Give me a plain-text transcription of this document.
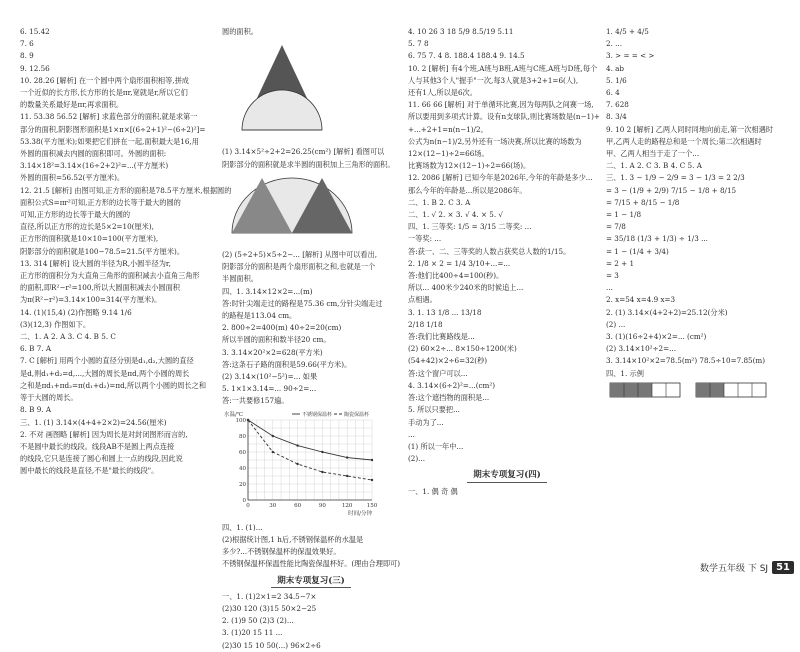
6. 15.42
7. 6
8. 9
9. 12.56
10. 28.26 [解析] 在一个圆中两个扇形面积相等,拼成
一个近似的长方形,长方形的长是πr,宽就是r,所以它们
的数量关系最好是πr,再求面积。
11. 53.38 56.52 [解析] 求蓝色部分的面积,就是求第一
部分的面积,阴影图形面积是1×π×[(6÷2+1)²−(6÷2)²]=
53.38(平方厘米);如果把它们拼在一起,面积最大是16,用
外圆的面积减去内圆的面积即可。外圆的面积:
3.14×18²=3.14×(16÷2+2)²=...(平方厘米)
外圆的面积=56.52(平方厘米)。
12. 21.5 [解析] 由图可知,正方形的面积是78.5平方厘米,根据圆的
面积公式S=πr²可知,正方形的边长等于最大的圆的
可知,正方形的边长等于最大的圆的
直径,所以正方形的边长是5×2=10(厘米),
正方形的面积就是10×10=100(平方厘米),
阴影部分的面积就是100−78.5=21.5(平方厘米)。
13. 314 [解析] 设大圆的半径为R,小圆半径为r,
正方形的面积分为大直角三角形的面积减去小直角三角形
的面积,即R²−r²=100,所以大圆面积减去小圆面积
为π(R²−r²)=3.14×100=314(平方厘米)。
14. (1)(15,4) (2)作图略 9.14 1/6
(3)(12,3) 作图如下。
二、1. A 2. A 3. C 4. B 5. C
6. B 7. A
7. C [解析] 用两个小圆的直径分别是d₁,d₂,大圆的直径
是d,则d₁+d₂=d,...,大圆的周长是πd,两个小圆的周长
之和是πd₁+πd₂=π(d₁+d₂)=πd,所以两个小圆的周长之和
等于大圆的周长。
8. B 9. A
三、1. (1) 3.14×(4+4+2×2)=24.56(厘米)
2. 不对 画图略 [解析] 因为周长是对封闭图形而言的,
不是圆中最长的线段。线段AB不是圆上两点连接
的线段,它只是连接了圆心和圆上一点的线段,因此说
圆中最长的线段是直径,不是"最长的线段"。
圆的面积。
(1) 3.14×5²÷2+2=26.25(cm²) [解析] 看图可以
阴影部分的面积就是求半圆的面积加上三角形的面积。
(2) (5÷2+5)×5÷2−... [解析] 从图中可以看出,
阴影部分的面积是两个扇形面积之和,也就是一个
半圆面积。
四、1. 3.14×12×2=...(m)
答:时针尖端走过的路程是75.36 cm,分针尖端走过
的路程是113.04 cm。
2. 800÷2=400(m) 40÷2=20(cm)
所以半圆的面积和数半径20 cm。
3. 3.14×20²×2=628(平方米)
答:这条石子路的面积是59.66(平方米)。
(2) 3.14×(10²−5²)=... 如果
5. 1×1×3.14=... 90÷2=...
答:一共要修157遍。
0	30	60	90	120	150
0
20
40
60
80
100
水温/℃
时间/分钟
不锈钢保温杯 陶瓷保温杯
四、1. (1)...
(2)根据统计图,1 h后,不锈钢保温杯的水温是
多少?...不锈钢保温杯的保温效果好。
不锈钢保温杯保温性能比陶瓷保温杯好。(理由合理即可)
期末专项复习(三)
一、1. (1)2×1=2 34.5−7×
(2)30 120 (3)15 50×2−25
2. (1)9 50 (2)3 (2)...
3. (1)20 15 11 ...
(2)30 15 10 50(...) 96×2÷6
4. 10 26 3 18 5/9 8.5/19 5.11
5. 7 8
6. 75 7. 4 8. 188.4 188.4 9. 14.5
10. 2 [解析] 有4个班,A班与B班,A班与C班,A班与D班,每个
人与其他3个人"握手"一次,每3人就是3+2+1=6(人),
还有1人,所以是6次。
11. 66 66 [解析] 对于单循环比赛,因为每两队之间赛一场,
所以要用到多项式计算。设有n支球队,则比赛场数是(n−1)+
+...+2+1=n(n−1)/2。
公式为n(n−1)/2,另外还有一场决赛,所以比赛的场数为
12×(12−1)÷2=66场。
比赛场数为12×(12−1)÷2=66(场)。
12. 2086 [解析] 已知今年是2026年,今年的年龄是多少...
那么今年的年龄是...所以是2086年。
二、1. B 2. C 3. A
二、1. √ 2. × 3. √ 4. × 5. √
四、1. 三等奖: 1/5 = 3/15 二等奖: ...
一等奖: ...
答:获一、二、三等奖的人数占获奖总人数的1/15。
2. 1/8 × 2 = 1/4 3/10+...=...
答:他们比400÷4=100(秒)。
所以... 400米少240米的时候追上...
点相遇。
3. 1. 13 1/8 ... 13/18
2/18 1/18
答:我们比赛路线是...
(2) 60×2÷... 8×150÷1200(米)
(54+42)×2÷6=32(秒)
答:这个窗户可以...
4. 3.14×(6÷2)²=...(cm²)
答:这个遮挡物的面积是...
5. 所以只要把...
手动为了...
...
(1) 所以一年中...
(2)...
期末专项复习(四)
一、1. 偶 奇 偶
1. 4/5 + 4/5
2. ...
3. > = = < >
4. ab
5. 1/6
6. 4
7. 628
8. 3/4
9. 10 2 [解析] 乙两人同时同地向前走,第一次相遇时
甲,乙两人走的路程总和是一个周长;第二次相遇时
甲、乙两人相当于走了一个...
二、1. A 2. C 3. B 4. C 5. A
三、1. 3 − 1/9 − 2/9 = 3 − 1/3 = 2 2/3
= 3 − (1/9 + 2/9) 7/15 − 1/8 + 8/15
= 7/15 + 8/15 − 1/8
= 1 − 1/8
= 7/8
= 35/18 (1/3 + 1/3) ÷ 1/3 ...
= 1 − (1/4 + 3/4)
= 2 + 1
= 3
...
2. x=54 x=4.9 x=3
2. (1) 3.14×(4+2+2)=25.12(分米)
(2) ...
3. (1)(16÷2+4)×2=... (cm²)
(2) 3.14×10²÷2=...
3. 3.14×10²×2=78.5(m²) 78.5÷10=7.85(m)
四、1. 示例
数学五年级 下 SJ 51
